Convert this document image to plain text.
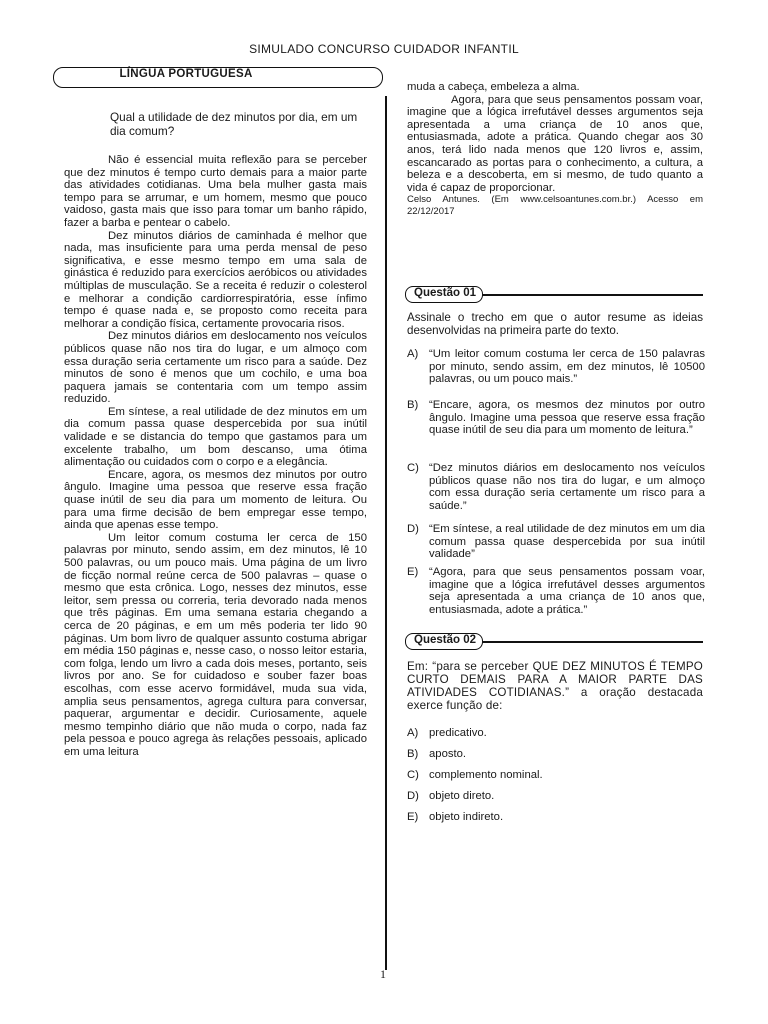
SIMULADO CONCURSO CUIDADOR INFANTIL
LÍNGUA PORTUGUESA

Qual a utilidade de dez minutos por dia, em um dia comum?

Não é essencial muita reflexão para se perceber que dez minutos é tempo curto demais para a maior parte das atividades cotidianas. Uma bela mulher gasta mais tempo para se arrumar, e um homem, mesmo que pouco vaidoso, gasta mais que isso para tomar um banho rápido, fazer a barba e pentear o cabelo.

Dez minutos diários de caminhada é melhor que nada, mas insuficiente para uma perda mensal de peso significativa, e esse mesmo tempo em uma sala de ginástica é reduzido para exercícios aeróbicos ou atividades múltiplas de musculação. Se a receita é reduzir o colesterol e melhorar a condição cardiorrespiratória, esse ínfimo tempo é quase nada e, se proposto como receita para melhorar a condição física, certamente provocaria risos.

Dez minutos diários em deslocamento nos veículos públicos quase não nos tira do lugar, e um almoço com essa duração seria certamente um risco para a saúde. Dez minutos de sono é menos que um cochilo, e uma boa paquera jamais se contentaria com um tempo assim reduzido.

Em síntese, a real utilidade de dez minutos em um dia comum passa quase despercebida por sua inútil validade e se distancia do tempo que gastamos para um excelente trabalho, um bom descanso, uma ótima alimentação ou cuidados com o corpo e a elegância.

Encare, agora, os mesmos dez minutos por outro ângulo. Imagine uma pessoa que reserve essa fração quase inútil de seu dia para um momento de leitura. Ou para uma firme decisão de bem empregar esse tempo, ainda que apenas esse tempo.

Um leitor comum costuma ler cerca de 150 palavras por minuto, sendo assim, em dez minutos, lê 10 500 palavras, ou um pouco mais. Uma página de um livro de ficção normal reúne cerca de 500 palavras – quase o mesmo que esta crônica. Logo, nesses dez minutos, esse leitor, sem pressa ou correria, teria devorado nada menos que três páginas. Em uma semana estaria chegando a cerca de 20 páginas, e em um mês poderia ter lido 90 páginas. Um bom livro de qualquer assunto costuma abrigar em média 150 páginas e, nesse caso, o nosso leitor estaria, com folga, lendo um livro a cada dois meses, portanto, seis livros por ano. Se for cuidadoso e souber fazer boas escolhas, com esse acervo formidável, muda sua vida, amplia seus pensamentos, agrega cultura para conversar, paquerar, argumentar e decidir. Curiosamente, aquele mesmo tempinho diário que não muda o corpo, nada faz pela pessoa e pouco agrega às relações pessoais, aplicado em uma leitura

muda a cabeça, embeleza a alma.

Agora, para que seus pensamentos possam voar, imagine que a lógica irrefutável desses argumentos seja apresentada a uma criança de 10 anos que, entusiasmada, adote a prática. Quando chegar aos 30 anos, terá lido nada menos que 120 livros e, assim, escancarado as portas para o conhecimento, a cultura, a beleza e a descoberta, em si mesmo, de tudo quanto a vida é capaz de proporcionar.

Celso Antunes. (Em www.celsoantunes.com.br.) Acesso em 22/12/2017

Questão 01
Assinale o trecho em que o autor resume as ideias desenvolvidas na primeira parte do texto.
A) “Um leitor comum costuma ler cerca de 150 palavras por minuto, sendo assim, em dez minutos, lê 10500 palavras, ou um pouco mais.”
B) “Encare, agora, os mesmos dez minutos por outro ângulo. Imagine uma pessoa que reserve essa fração quase inútil de seu dia para um momento de leitura.”
C) “Dez minutos diários em deslocamento nos veículos públicos quase não nos tira do lugar, e um almoço com essa duração seria certamente um risco para a saúde.”
D) “Em síntese, a real utilidade de dez minutos em um dia comum passa quase despercebida por sua inútil validade”
E) “Agora, para que seus pensamentos possam voar, imagine que a lógica irrefutável desses argumentos seja apresentada a uma criança de 10 anos que, entusiasmada, adote a prática.”
Questão 02
Em: “para se perceber QUE DEZ MINUTOS É TEMPO CURTO DEMAIS PARA A MAIOR PARTE DAS ATIVIDADES COTIDIANAS.” a oração destacada exerce função de:
A) predicativo.
B) aposto.
C) complemento nominal.
D) objeto direto.
E) objeto indireto.
1
